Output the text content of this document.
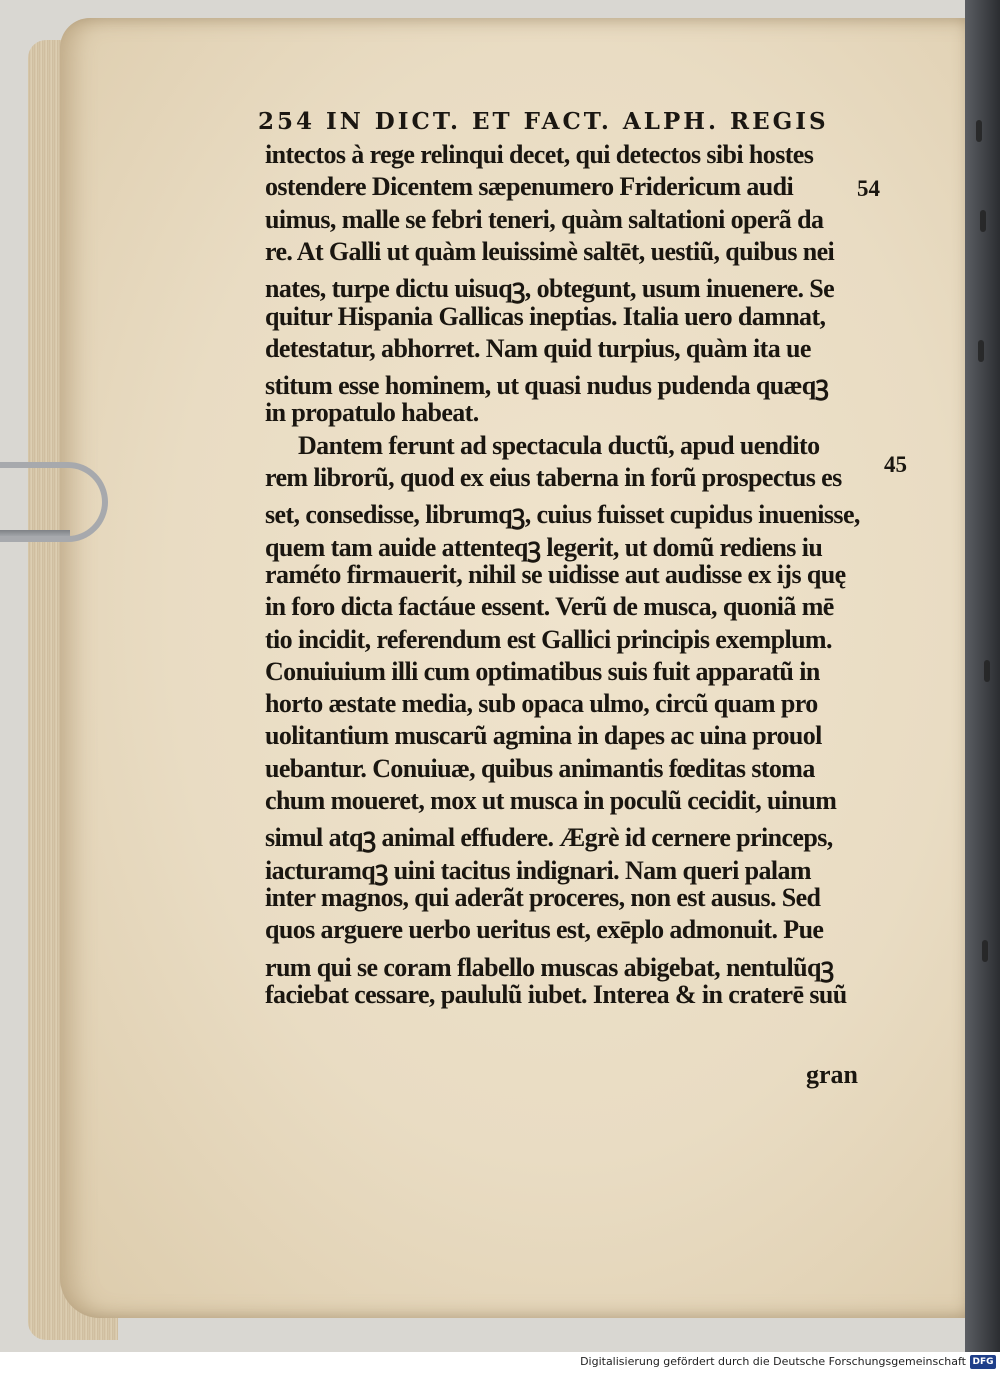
254 IN DICT. ET FACT. ALPH. REGIS
54
45
intectos à rege relinqui decet, qui detectos sibi hostes
ostendere Dicentem sæpenumero Fridericum audi
uimus, malle se febri teneri, quàm saltationi operã da
re. At Galli ut quàm leuissimè saltēt, uestiũ, quibus nei
nates, turpe dictu uisuqꝫ, obtegunt, usum inuenere. Se
quitur Hispania Gallicas ineptias. Italia uero damnat,
detestatur, abhorret. Nam quid turpius, quàm ita ue
stitum esse hominem, ut quasi nudus pudenda quæqꝫ
in propatulo habeat.
Dantem ferunt ad spectacula ductũ, apud uendito
rem librorũ, quod ex eius taberna in forũ prospectus es
set, consedisse, librumqꝫ, cuius fuisset cupidus inuenisse,
quem tam auide attenteqꝫ legerit, ut domũ rediens iu
raméto firmauerit, nihil se uidisse aut audisse ex ijs quę
in foro dicta factáue essent. Verũ de musca, quoniã mē
tio incidit, referendum est Gallici principis exemplum.
Conuiuium illi cum optimatibus suis fuit apparatũ in
horto æstate media, sub opaca ulmo, circũ quam pro
uolitantium muscarũ agmina in dapes ac uina prouol
uebantur. Conuiuæ, quibus animantis fœditas stoma
chum moueret, mox ut musca in poculũ cecidit, uinum
simul atqꝫ animal effudere. Ægrè id cernere princeps,
iacturamqꝫ uini tacitus indignari. Nam queri palam
inter magnos, qui aderãt proceres, non est ausus. Sed
quos arguere uerbo ueritus est, exēplo admonuit. Pue
rum qui se coram flabello muscas abigebat, nentulũqꝫ
faciebat cessare, paululũ iubet. Interea & in craterē suũ
gran
Digitalisierung gefördert durch die Deutsche Forschungsgemeinschaft DFG
